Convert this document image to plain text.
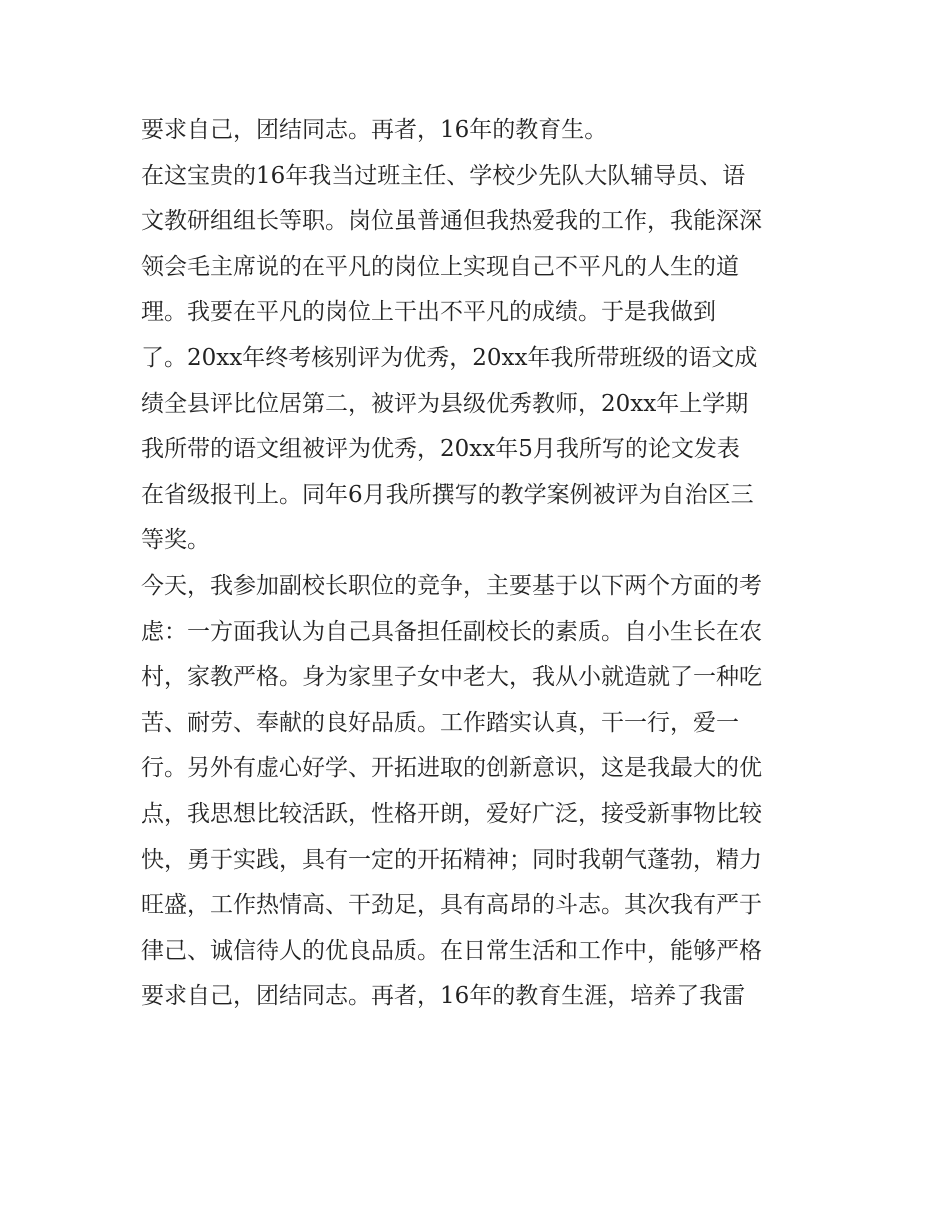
要求自己，团结同志。再者，16年的教育生。
在这宝贵的16年我当过班主任、学校少先队大队辅导员、语
文教研组组长等职。岗位虽普通但我热爱我的工作，我能深深
领会毛主席说的在平凡的岗位上实现自己不平凡的人生的道
理。我要在平凡的岗位上干出不平凡的成绩。于是我做到
了。20xx年终考核别评为优秀，20xx年我所带班级的语文成
绩全县评比位居第二，被评为县级优秀教师，20xx年上学期
我所带的语文组被评为优秀，20xx年5月我所写的论文发表
在省级报刊上。同年6月我所撰写的教学案例被评为自治区三
等奖。
今天，我参加副校长职位的竞争，主要基于以下两个方面的考
虑：一方面我认为自己具备担任副校长的素质。自小生长在农
村，家教严格。身为家里子女中老大，我从小就造就了一种吃
苦、耐劳、奉献的良好品质。工作踏实认真，干一行，爱一
行。另外有虚心好学、开拓进取的创新意识，这是我最大的优
点，我思想比较活跃，性格开朗，爱好广泛，接受新事物比较
快，勇于实践，具有一定的开拓精神；同时我朝气蓬勃，精力
旺盛，工作热情高、干劲足，具有高昂的斗志。其次我有严于
律己、诚信待人的优良品质。在日常生活和工作中，能够严格
要求自己，团结同志。再者，16年的教育生涯，培养了我雷
